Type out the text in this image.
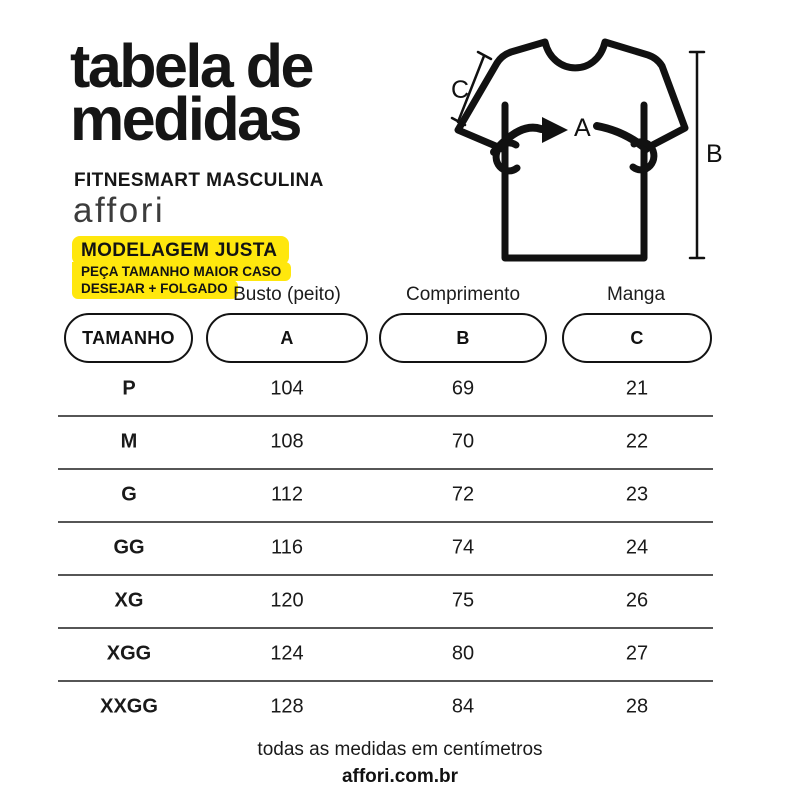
tabela de
medidas
FITNESMART MASCULINA
affori
MODELAGEM JUSTA
PEÇA TAMANHO MAIOR CASO
DESEJAR + FOLGADO
C
A
B
Busto (peito)	Comprimento	Manga
TAMANHO	A	B	C
P	104	69	21
M	108	70	22
G	112	72	23
GG	116	74	24
XG	120	75	26
XGG	124	80	27
XXGG	128	84	28
todas as medidas em centímetros
affori.com.br
